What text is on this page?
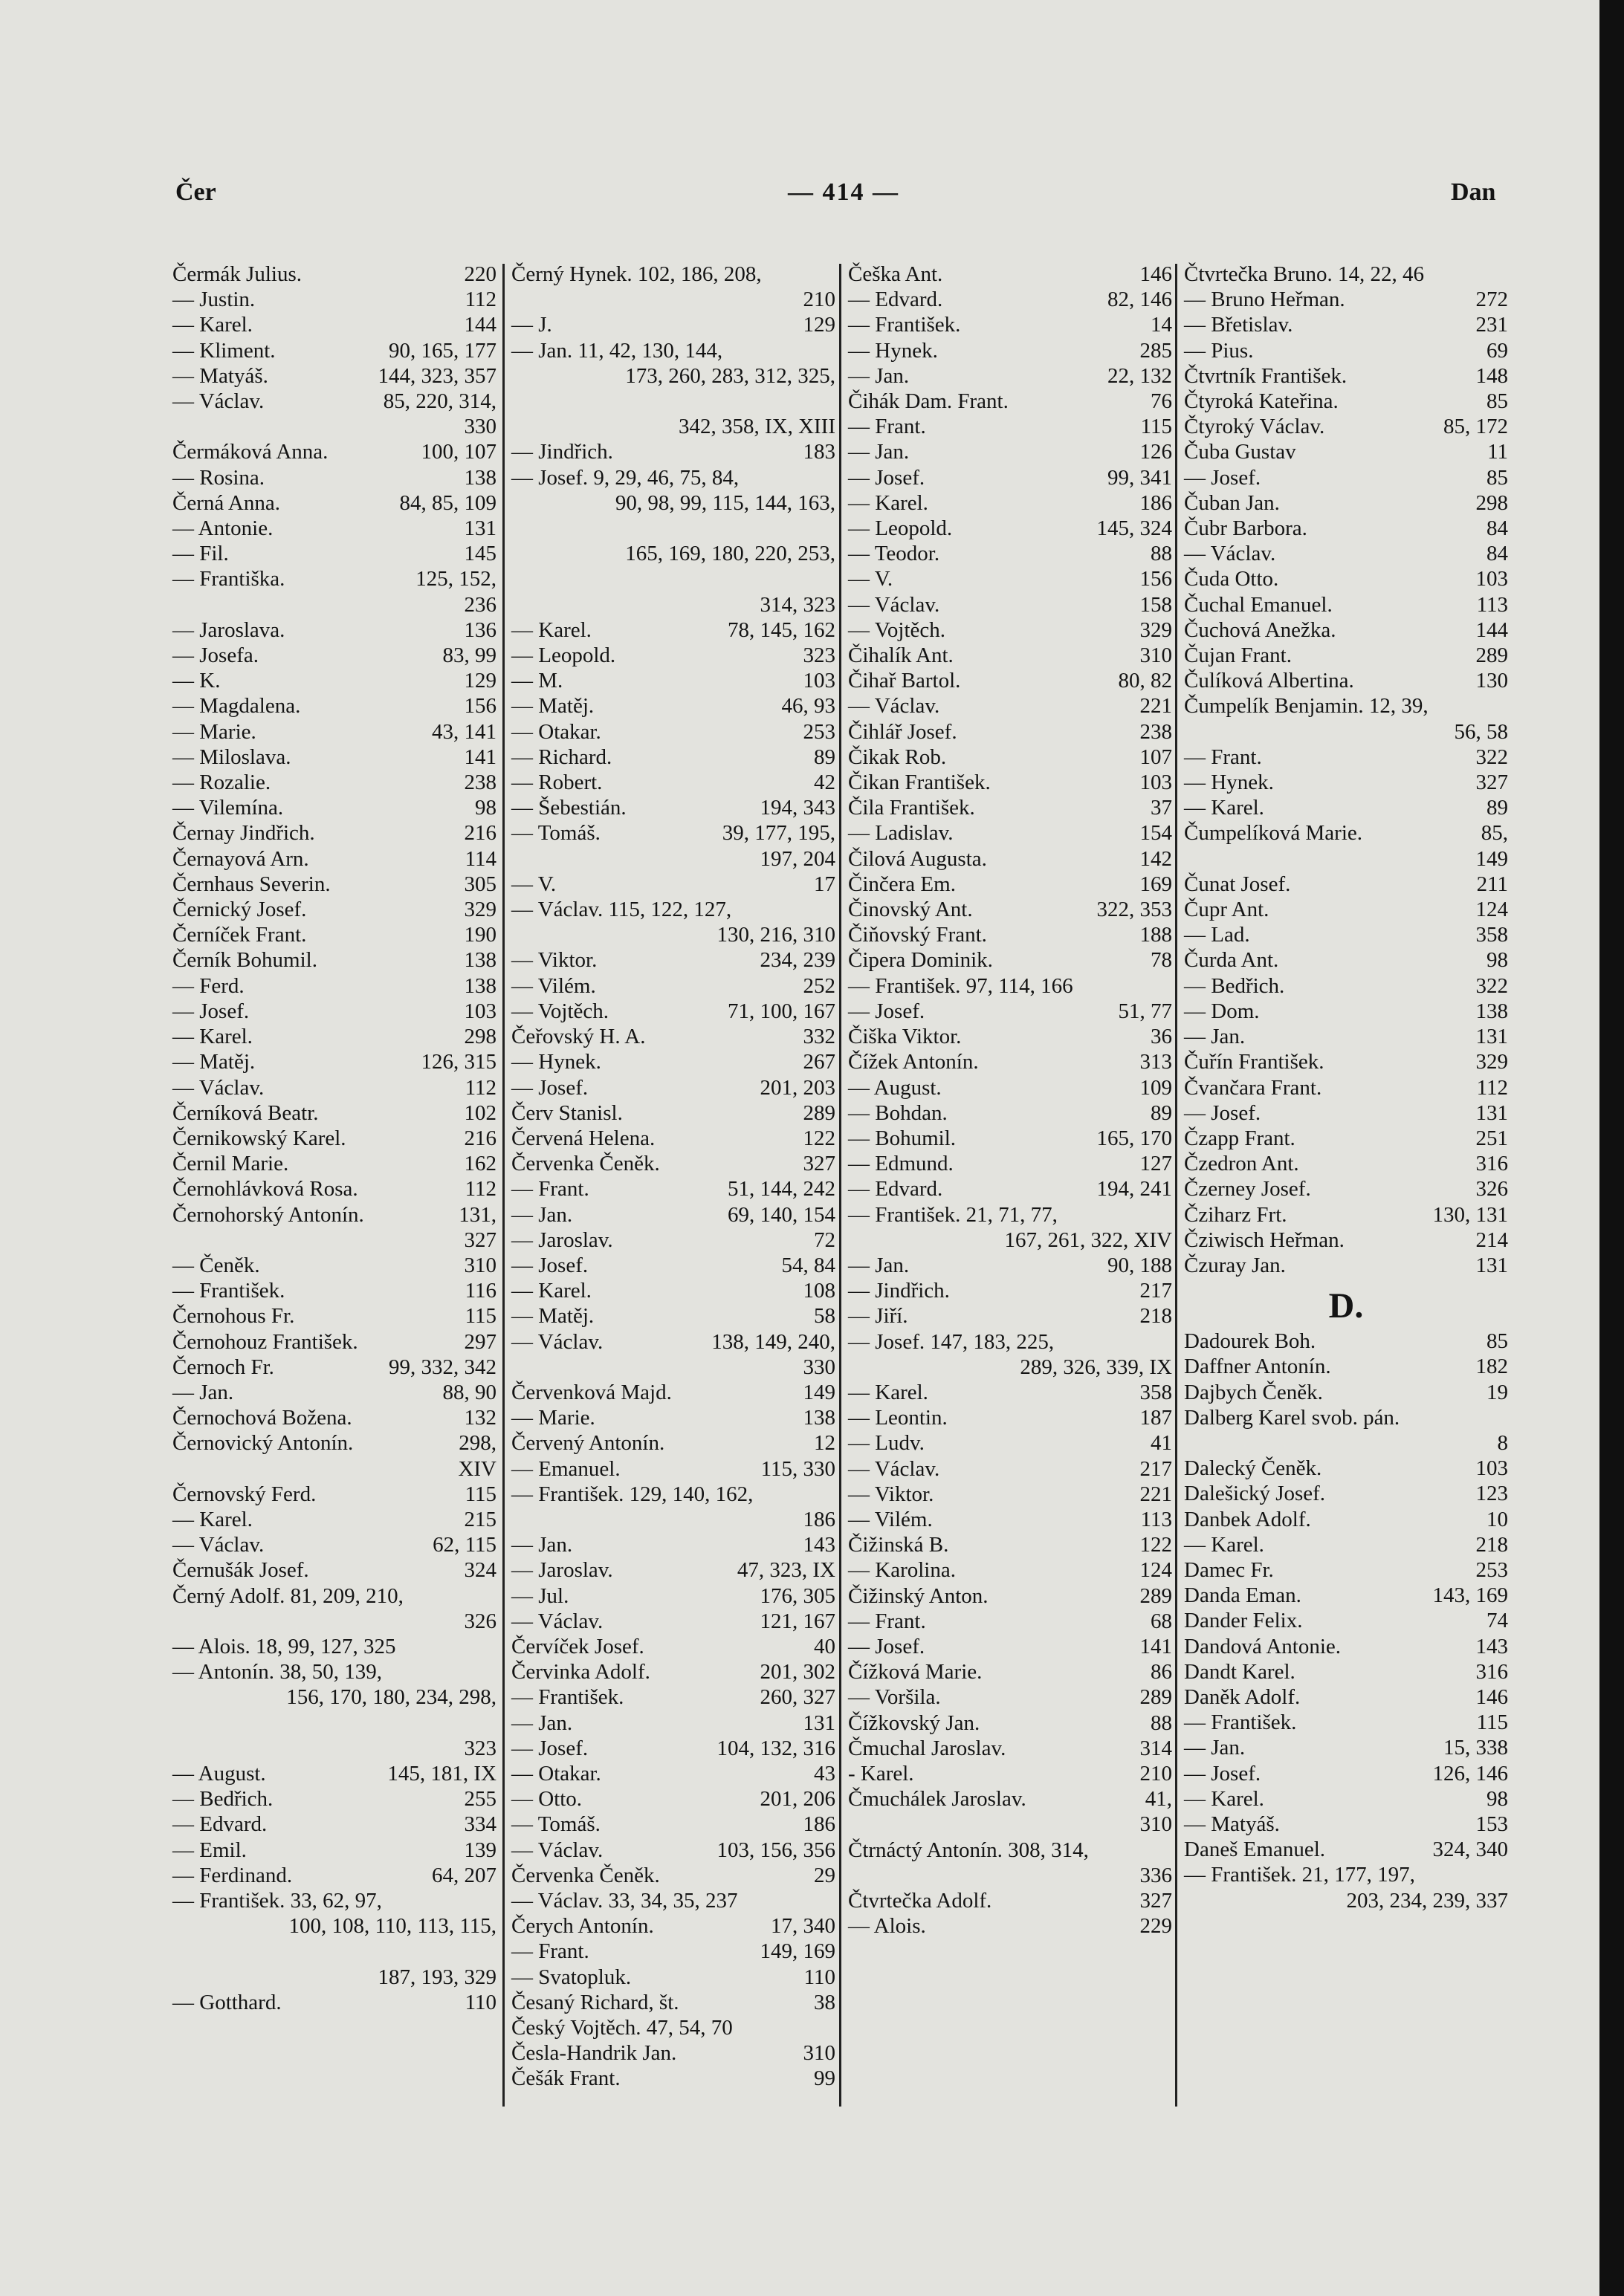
Čer	— 414 —	Dan
220
Čermák Julius.
112
— Justin.
144
— Karel.
90, 165, 177
— Kliment.
144, 323, 357
— Matyáš.
85, 220, 314,
— Václav.
330
100, 107
Čermáková Anna.
138
— Rosina.
84, 85, 109
Černá Anna.
131
— Antonie.
145
— Fil.
125, 152,
— Františka.
236
136
— Jaroslava.
83, 99
— Josefa.
129
— K.
156
— Magdalena.
43, 141
— Marie.
141
— Miloslava.
238
— Rozalie.
98
— Vilemína.
216
Černay Jindřich.
114
Černayová Arn.
305
Černhaus Severin.
329
Černický Josef.
190
Černíček Frant.
138
Černík Bohumil.
138
— Ferd.
103
— Josef.
298
— Karel.
126, 315
— Matěj.
112
— Václav.
102
Černíková Beatr.
216
Černikowský Karel.
162
Černil Marie.
112
Černohlávková Rosa.
131,
Černohorský Antonín.
327
310
— Čeněk.
116
— František.
115
Černohous Fr.
297
Černohouz František.
99, 332, 342
Černoch Fr.
88, 90
— Jan.
132
Černochová Božena.
298,
Černovický Antonín.
XIV
115
Černovský Ferd.
215
— Karel.
62, 115
— Václav.
324
Černušák Josef.
Černý Adolf. 81, 209, 210,
326
— Alois. 18, 99, 127, 325
— Antonín. 38, 50, 139,
156, 170, 180, 234, 298,

323
145, 181, IX
— August.
255
— Bedřich.
334
— Edvard.
139
— Emil.
64, 207
— Ferdinand.
— František. 33, 62, 97,
100, 108, 110, 113, 115,

187, 193, 329
110
— Gotthard.
Černý Hynek. 102, 186, 208,
210
129
— J.
— Jan. 11, 42, 130, 144,
173, 260, 283, 312, 325,

342, 358, IX, XIII
183
— Jindřich.
— Josef. 9, 29, 46, 75, 84,
90, 98, 99, 115, 144, 163,

165, 169, 180, 220, 253,

314, 323
78, 145, 162
— Karel.
323
— Leopold.
103
— M.
46, 93
— Matěj.
253
— Otakar.
89
— Richard.
42
— Robert.
194, 343
— Šebestián.
39, 177, 195,
— Tomáš.
197, 204
17
— V.
— Václav. 115, 122, 127,
130, 216, 310
234, 239
— Viktor.
252
— Vilém.
71, 100, 167
— Vojtěch.
332
Čeřovský H. A.
267
— Hynek.
201, 203
— Josef.
289
Červ Stanisl.
122
Červená Helena.
327
Červenka Čeněk.
51, 144, 242
— Frant.
69, 140, 154
— Jan.
72
— Jaroslav.
54, 84
— Josef.
108
— Karel.
58
— Matěj.
138, 149, 240,
— Václav.
330
149
Červenková Majd.
138
— Marie.
12
Červený Antonín.
115, 330
— Emanuel.
— František. 129, 140, 162,
186
143
— Jan.
47, 323, IX
— Jaroslav.
176, 305
— Jul.
121, 167
— Václav.
40
Červíček Josef.
201, 302
Červinka Adolf.
260, 327
— František.
131
— Jan.
104, 132, 316
— Josef.
43
— Otakar.
201, 206
— Otto.
186
— Tomáš.
103, 156, 356
— Václav.
29
Červenka Čeněk.
— Václav. 33, 34, 35, 237
17, 340
Čerych Antonín.
149, 169
— Frant.
110
— Svatopluk.
38
Česaný Richard, št.
Český Vojtěch. 47, 54, 70
310
Česla-Handrik Jan.
99
Češák Frant.
146
Češka Ant.
82, 146
— Edvard.
14
— František.
285
— Hynek.
22, 132
— Jan.
76
Čihák Dam. Frant.
115
— Frant.
126
— Jan.
99, 341
— Josef.
186
— Karel.
145, 324
— Leopold.
88
— Teodor.
156
— V.
158
— Václav.
329
— Vojtěch.
310
Čihalík Ant.
80, 82
Čihař Bartol.
221
— Václav.
238
Čihlář Josef.
107
Čikak Rob.
103
Čikan František.
37
Čila František.
154
— Ladislav.
142
Čilová Augusta.
169
Činčera Em.
322, 353
Činovský Ant.
188
Čiňovský Frant.
78
Čipera Dominik.
— František. 97, 114, 166
51, 77
— Josef.
36
Čiška Viktor.
313
Čížek Antonín.
109
— August.
89
— Bohdan.
165, 170
— Bohumil.
127
— Edmund.
194, 241
— Edvard.
— František. 21, 71, 77,
167, 261, 322, XIV
90, 188
— Jan.
217
— Jindřich.
218
— Jiří.
— Josef. 147, 183, 225,
289, 326, 339, IX
358
— Karel.
187
— Leontin.
41
— Ludv.
217
— Václav.
221
— Viktor.
113
— Vilém.
122
Čižinská B.
124
— Karolina.
289
Čižinský Anton.
68
— Frant.
141
— Josef.
86
Čížková Marie.
289
— Voršila.
88
Čížkovský Jan.
314
Čmuchal Jaroslav.
210
- Karel.
41,
Čmuchálek Jaroslav.
310
Čtrnáctý Antonín. 308, 314,
336
327
Čtvrtečka Adolf.
229
— Alois.
Čtvrtečka Bruno. 14, 22, 46
272
— Bruno Heřman.
231
— Břetislav.
69
— Pius.
148
Čtvrtník František.
85
Čtyroká Kateřina.
85, 172
Čtyroký Václav.
11
Čuba Gustav
85
— Josef.
298
Čuban Jan.
84
Čubr Barbora.
84
— Václav.
103
Čuda Otto.
113
Čuchal Emanuel.
144
Čuchová Anežka.
289
Čujan Frant.
130
Čulíková Albertina.
Čumpelík Benjamin. 12, 39,
56, 58
322
— Frant.
327
— Hynek.
89
— Karel.
85,
Čumpelíková Marie.
149
211
Čunat Josef.
124
Čupr Ant.
358
— Lad.
98
Čurda Ant.
322
— Bedřich.
138
— Dom.
131
— Jan.
329
Čuřín František.
112
Čvančara Frant.
131
— Josef.
251
Čzapp Frant.
316
Čzedron Ant.
326
Čzerney Josef.
130, 131
Čziharz Frt.
214
Čziwisch Heřman.
131
Čzuray Jan.
D.
85
Dadourek Boh.
182
Daffner Antonín.
19
Dajbych Čeněk.
Dalberg Karel svob. pán.
8
103
Dalecký Čeněk.
123
Dalešický Josef.
10
Danbek Adolf.
218
— Karel.
253
Damec Fr.
143, 169
Danda Eman.
74
Dander Felix.
143
Dandová Antonie.
316
Dandt Karel.
146
Daněk Adolf.
115
— František.
15, 338
— Jan.
126, 146
— Josef.
98
— Karel.
153
— Matyáš.
324, 340
Daneš Emanuel.
— František. 21, 177, 197,
203, 234, 239, 337
